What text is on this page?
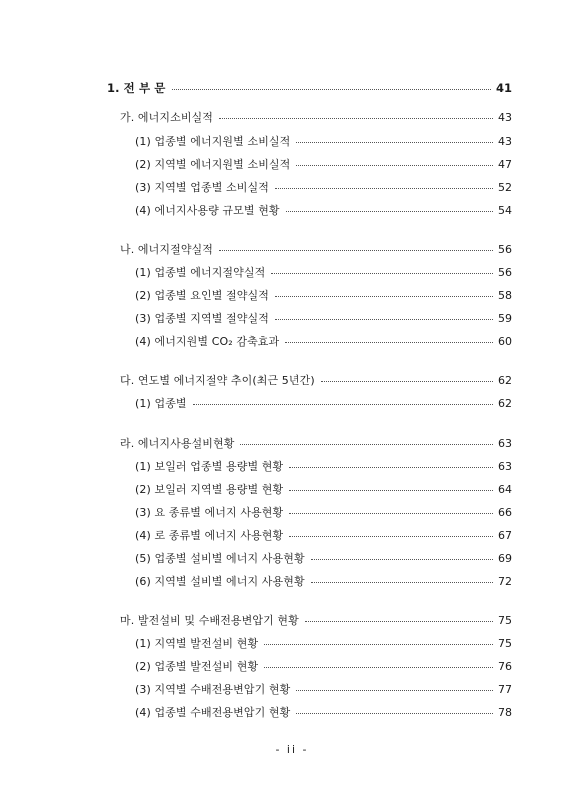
1. 전 부 문	41
가. 에너지소비실적	43
(1) 업종별 에너지원별 소비실적	43
(2) 지역별 에너지원별 소비실적	47
(3) 지역별 업종별 소비실적	52
(4) 에너지사용량 규모별 현황	54
나. 에너지절약실적	56
(1) 업종별 에너지절약실적	56
(2) 업종별 요인별 절약실적	58
(3) 업종별 지역별 절약실적	59
(4) 에너지원별 CO₂ 감축효과	60
다. 연도별 에너지절약 추이(최근 5년간)	62
(1) 업종별	62
라. 에너지사용설비현황	63
(1) 보일러 업종별 용량별 현황	63
(2) 보일러 지역별 용량별 현황	64
(3) 요 종류별 에너지 사용현황	66
(4) 로 종류별 에너지 사용현황	67
(5) 업종별 설비별 에너지 사용현황	69
(6) 지역별 설비별 에너지 사용현황	72
마. 발전설비 및 수배전용변압기 현황	75
(1) 지역별 발전설비 현황	75
(2) 업종별 발전설비 현황	76
(3) 지역별 수배전용변압기 현황	77
(4) 업종별 수배전용변압기 현황	78
- ii -
